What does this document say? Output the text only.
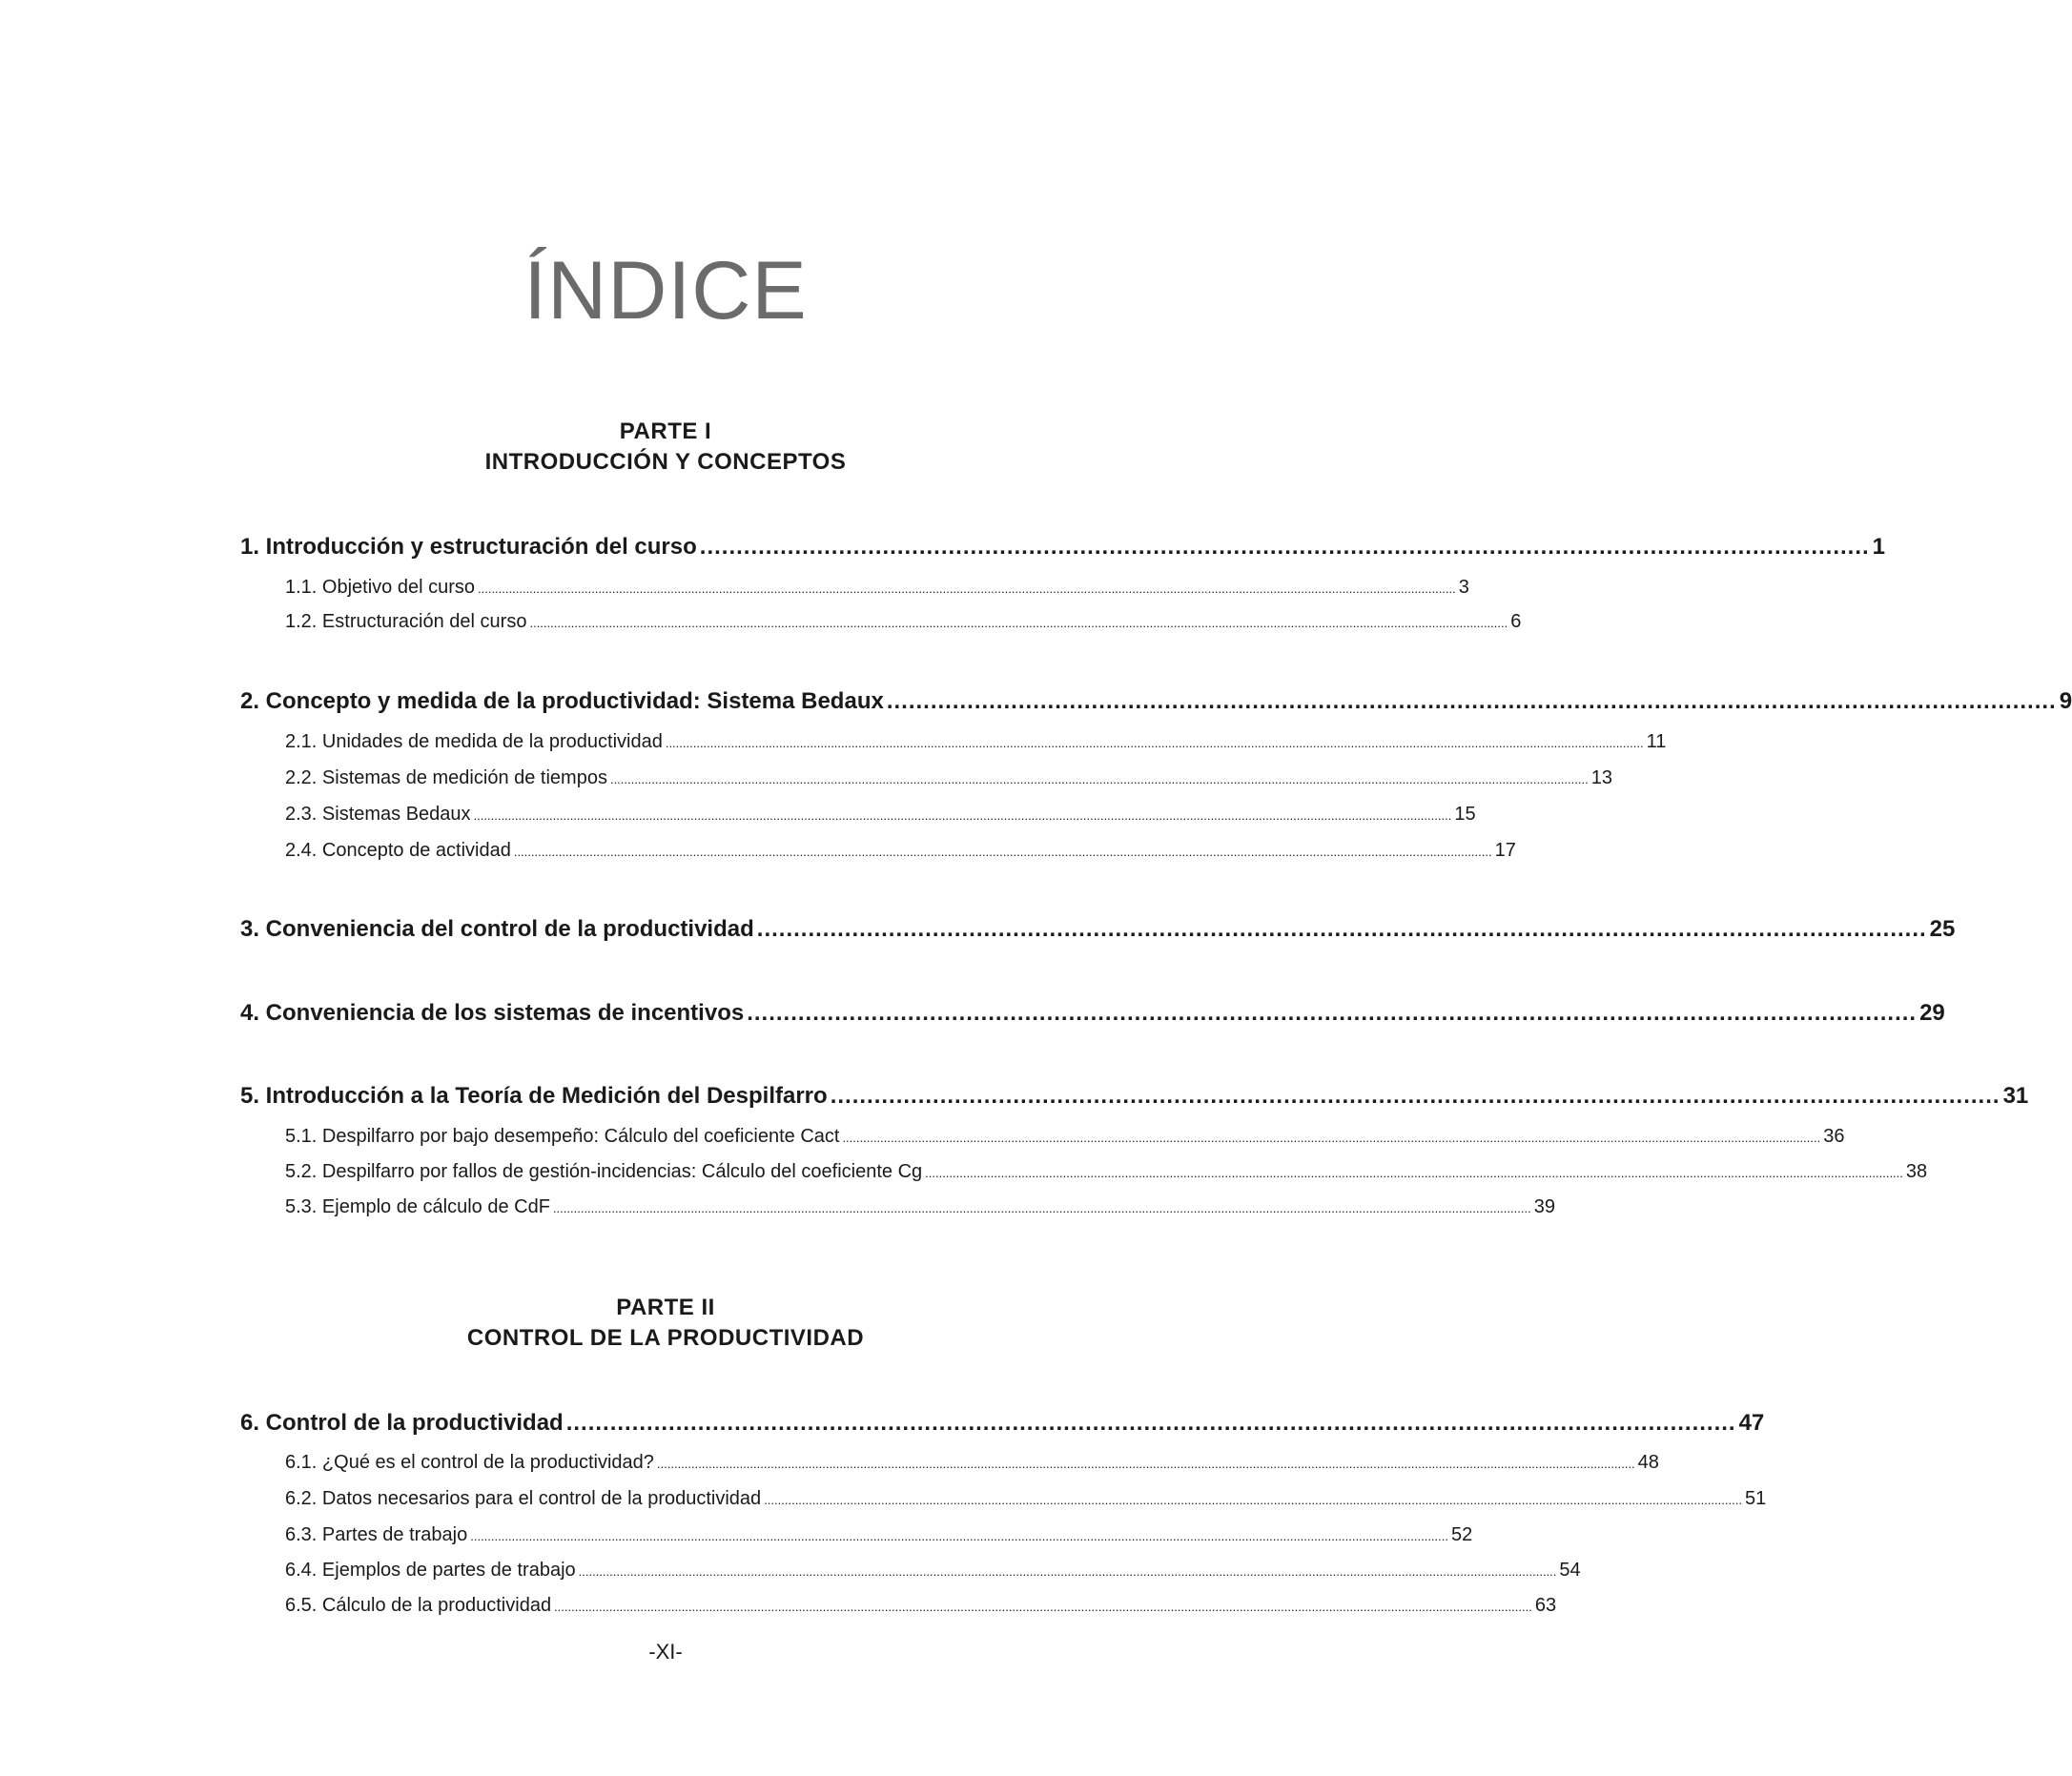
ÍNDICE
PARTE I
INTRODUCCIÓN Y CONCEPTOS
1. Introducción y estructuración del curso ................................................................................................................................................................ 1
1.1. Objetivo del curso ............................................................................................................................................................................................................................................................................................ 3
1.2. Estructuración del curso ............................................................................................................................................................................................................................................................................................ 6
2. Concepto y medida de la productividad: Sistema Bedaux ................................................................................................................................................................ 9
2.1. Unidades de medida de la productividad ............................................................................................................................................................................................................................................................................................ 11
2.2. Sistemas de medición de tiempos ............................................................................................................................................................................................................................................................................................ 13
2.3. Sistemas Bedaux ............................................................................................................................................................................................................................................................................................ 15
2.4. Concepto de actividad ............................................................................................................................................................................................................................................................................................ 17
3. Conveniencia del control de la productividad ................................................................................................................................................................ 25
4. Conveniencia de los sistemas de incentivos ................................................................................................................................................................ 29
5. Introducción a la Teoría de Medición del Despilfarro ................................................................................................................................................................ 31
5.1. Despilfarro por bajo desempeño: Cálculo del coeficiente Cact ............................................................................................................................................................................................................................................................................................ 36
5.2. Despilfarro por fallos de gestión-incidencias: Cálculo del coeficiente Cg ............................................................................................................................................................................................................................................................................................ 38
5.3. Ejemplo de cálculo de CdF ............................................................................................................................................................................................................................................................................................ 39
PARTE II
CONTROL DE LA PRODUCTIVIDAD
6. Control de la productividad ................................................................................................................................................................ 47
6.1. ¿Qué es el control de la productividad? ............................................................................................................................................................................................................................................................................................ 48
6.2. Datos necesarios para el control de la productividad ............................................................................................................................................................................................................................................................................................ 51
6.3. Partes de trabajo ............................................................................................................................................................................................................................................................................................ 52
6.4. Ejemplos de partes de trabajo ............................................................................................................................................................................................................................................................................................ 54
6.5. Cálculo de la productividad ............................................................................................................................................................................................................................................................................................ 63
-XI-
